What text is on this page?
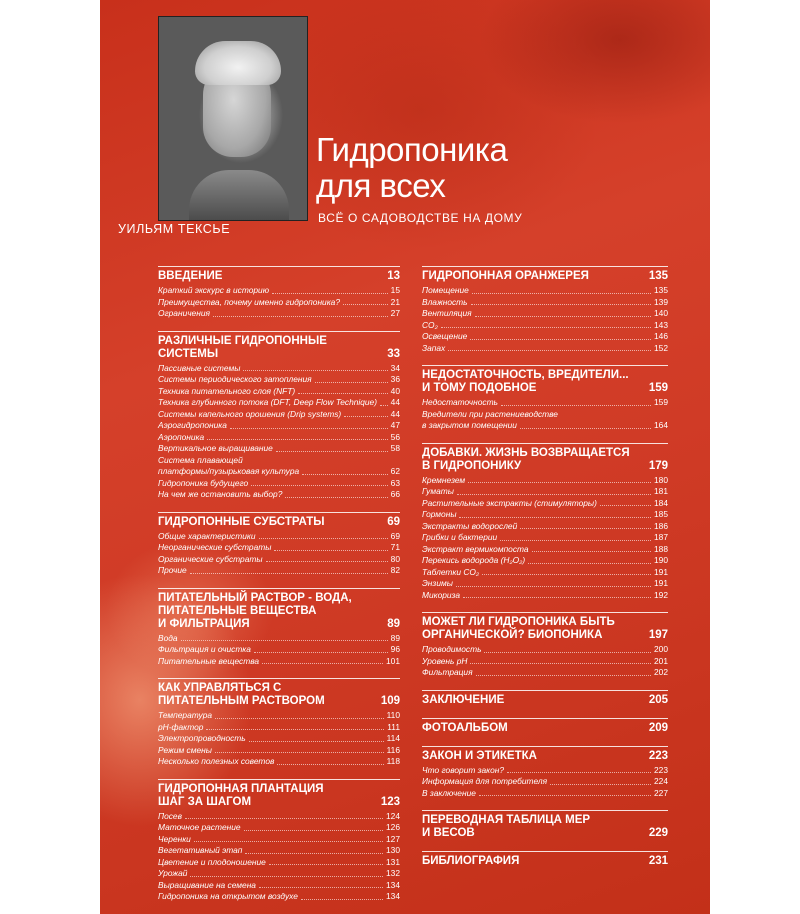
УИЛЬЯМ ТЕКСЬЕ
Гидропоника
для всех
ВСЁ О САДОВОДСТВЕ НА ДОМУ
ВВЕДЕНИЕ	13
Краткий экскурс в историю	15
Преимущества, почему именно гидропоника?	21
Ограничения	27
РАЗЛИЧНЫЕ ГИДРОПОННЫЕ
СИСТЕМЫ	33
Пассивные системы	34
Системы периодического затопления	36
Техника питательного слоя (NFT)	40
Техника глубинного потока (DFT, Deep Flow Technique) 44
Системы капельного орошения (Drip systems)	44
Аэрогидропоника	47
Аэропоника	56
Вертикальное выращивание	58
Система плавающей
платформы/пузырьковая культура	62
Гидропоника будущего	63
На чем же остановить выбор?	66
ГИДРОПОННЫЕ СУБСТРАТЫ	69
Общие характеристики	69
Неорганические субстраты	71
Органические субстраты	80
Прочие	82
ПИТАТЕЛЬНЫЙ РАСТВОР - ВОДА,
ПИТАТЕЛЬНЫЕ ВЕЩЕСТВА
И ФИЛЬТРАЦИЯ	89
Вода	89
Фильтрация и очистка	96
Питательные вещества	101
КАК УПРАВЛЯТЬСЯ С
ПИТАТЕЛЬНЫМ РАСТВОРОМ	109
Температура	110
pH-фактор	111
Электропроводность	114
Режим смены	116
Несколько полезных советов	118
ГИДРОПОННАЯ ПЛАНТАЦИЯ
ШАГ ЗА ШАГОМ	123
Посев	124
Маточное растение	126
Черенки	127
Вегетативный этап	130
Цветение и плодоношение	131
Урожай	132
Выращивание на семена	134
Гидропоника на открытом воздухе	134
ГИДРОПОННАЯ ОРАНЖЕРЕЯ	135
Помещение	135
Влажность	139
Вентиляция	140
CO₂	143
Освещение	146
Запах	152
НЕДОСТАТОЧНОСТЬ, ВРЕДИТЕЛИ...
И ТОМУ ПОДОБНОЕ	159
Недостаточность	159
Вредители при растениеводстве
в закрытом помещении	164
ДОБАВКИ. ЖИЗНЬ ВОЗВРАЩАЕТСЯ
В ГИДРОПОНИКУ	179
Кремнезем	180
Гуматы	181
Растительные экстракты (стимуляторы)	184
Гормоны	185
Экстракты водорослей	186
Грибки и бактерии	187
Экстракт вермикомпоста	188
Перекись водорода (H₂O₂)	190
Таблетки CO₂	191
Энзимы	191
Микориза	192
МОЖЕТ ЛИ ГИДРОПОНИКА БЫТЬ
ОРГАНИЧЕСКОЙ? БИОПОНИКА	197
Проводимость	200
Уровень pH	201
Фильтрация	202
ЗАКЛЮЧЕНИЕ	205
ФОТОАЛЬБОМ	209
ЗАКОН И ЭТИКЕТКА	223
Что говорит закон?	223
Информация для потребителя	224
В заключение	227
ПЕРЕВОДНАЯ ТАБЛИЦА МЕР
И ВЕСОВ	229
БИБЛИОГРАФИЯ	231
